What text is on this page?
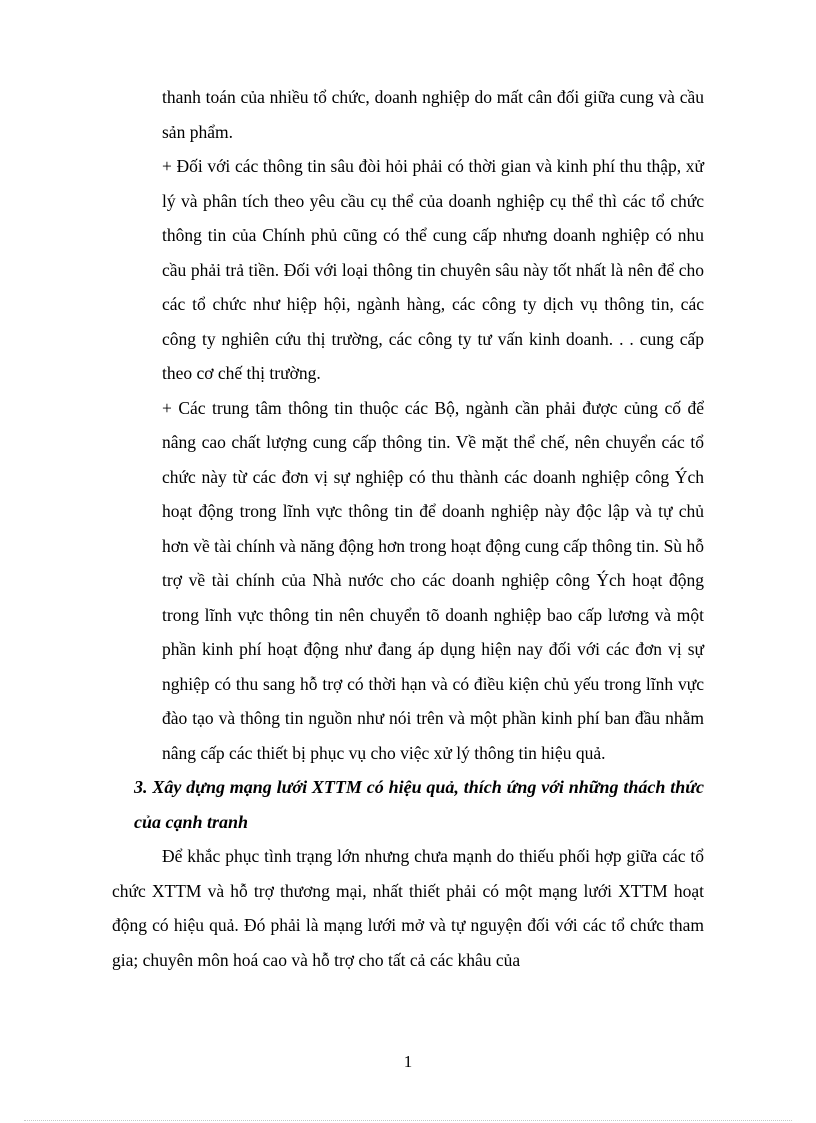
thanh toán của nhiều tổ chức, doanh nghiệp do mất cân đối giữa cung và cầu sản phẩm.

+ Đối với các thông tin sâu đòi hỏi phải có thời gian và kinh phí thu thập, xử lý và phân tích theo yêu cầu cụ thể của doanh nghiệp cụ thể thì các tổ chức thông tin của Chính phủ cũng có thể cung cấp nhưng doanh nghiệp có nhu cầu phải trả tiền. Đối với loại thông tin chuyên sâu này tốt nhất là nên để cho các tổ chức như hiệp hội, ngành hàng, các công ty dịch vụ thông tin, các công ty nghiên cứu thị trường, các công ty tư vấn kinh doanh. . . cung cấp theo cơ chế thị trường.

+ Các trung tâm thông tin thuộc các Bộ, ngành cần phải được củng cố để nâng cao chất lượng cung cấp thông tin. Về mặt thể chế, nên chuyển các tổ chức này từ các đơn vị sự nghiệp có thu thành các doanh nghiệp công Ých hoạt động trong lĩnh vực thông tin để doanh nghiệp này độc lập và tự chủ hơn về tài chính và năng động hơn trong hoạt động cung cấp thông tin. Sù hỗ trợ về tài chính của Nhà nước cho các doanh nghiệp công Ých hoạt động trong lĩnh vực thông tin nên chuyển tõ doanh nghiệp bao cấp lương và một phần kinh phí hoạt động như đang áp dụng hiện nay đối với các đơn vị sự nghiệp có thu sang hỗ trợ có thời hạn và có điều kiện chủ yếu trong lĩnh vực đào tạo và thông tin nguồn như nói trên và một phần kinh phí ban đầu nhằm nâng cấp các thiết bị phục vụ cho việc xử lý thông tin hiệu quả.

3. Xây dựng mạng lưới XTTM có hiệu quả, thích ứng với những thách thức của cạnh tranh

Để khắc phục tình trạng lớn nhưng chưa mạnh do thiếu phối hợp giữa các tổ chức XTTM và hỗ trợ thương mại, nhất thiết phải có một mạng lưới XTTM hoạt động có hiệu quả. Đó phải là mạng lưới mở và tự nguyện đối với các tổ chức tham gia; chuyên môn hoá cao và hỗ trợ cho tất cả các khâu của

1
